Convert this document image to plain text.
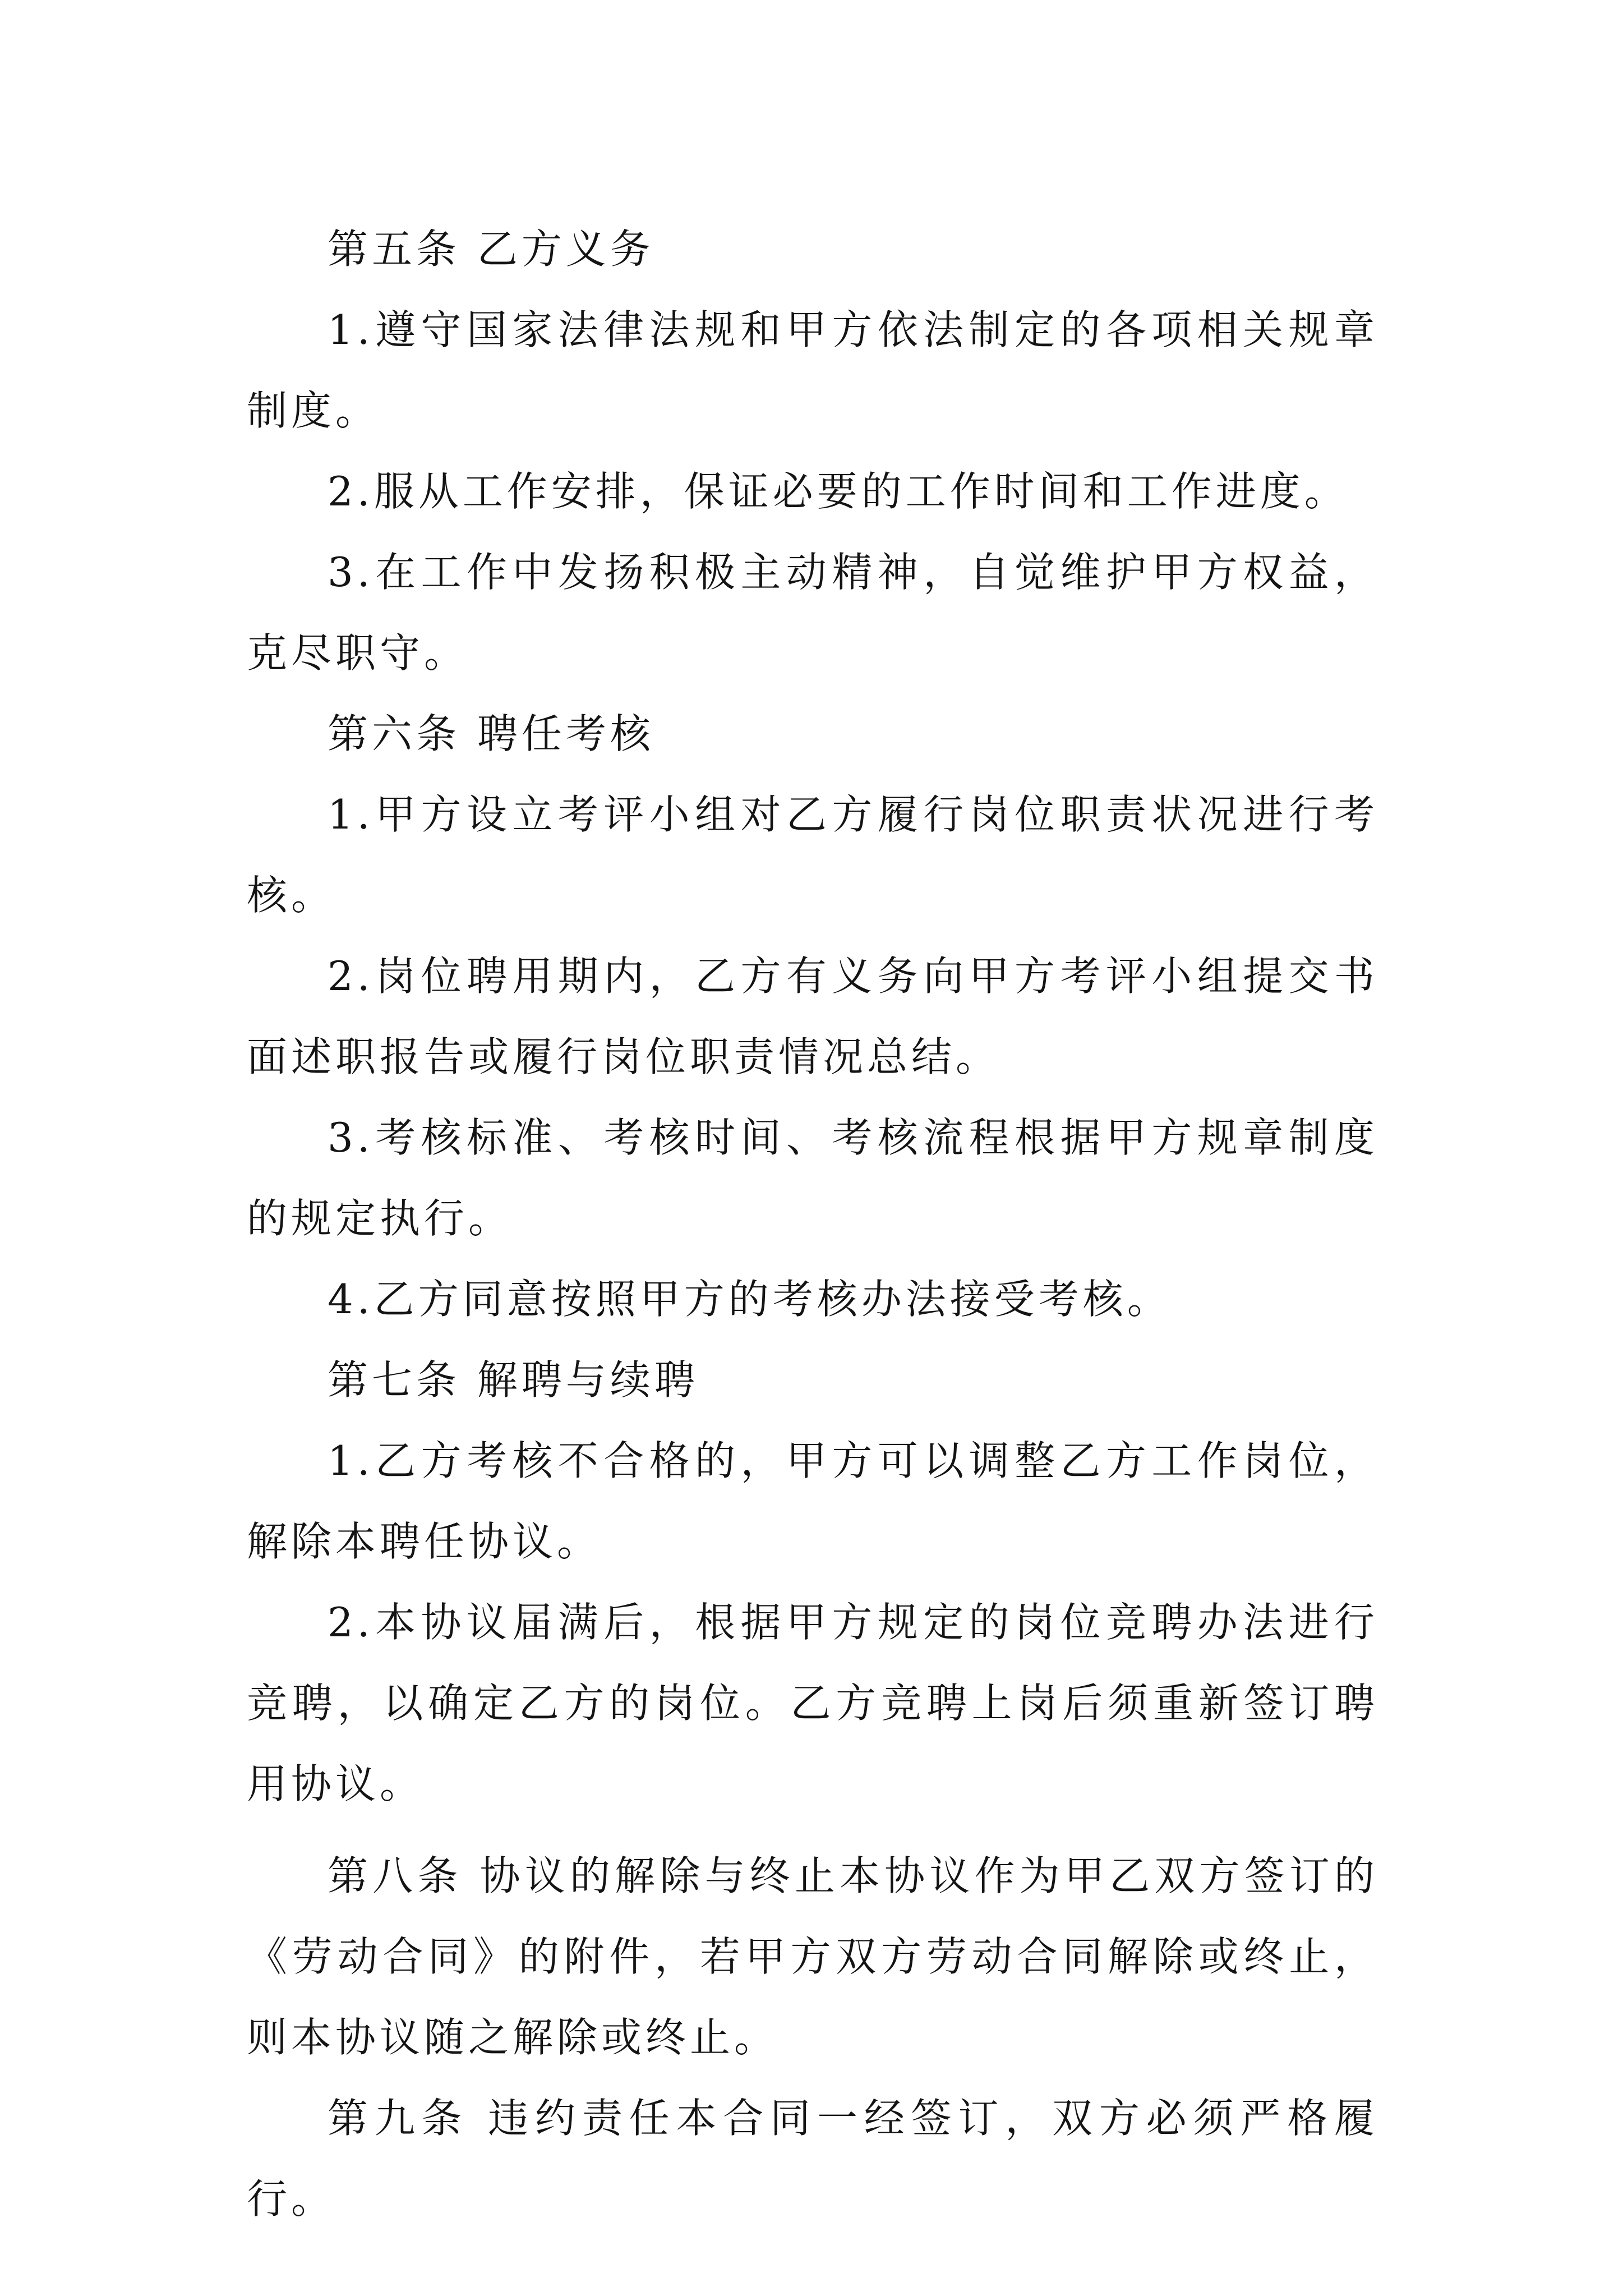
第五条 乙方义务

1.遵守国家法律法规和甲方依法制定的各项相关规章制度。

2.服从工作安排，保证必要的工作时间和工作进度。

3.在工作中发扬积极主动精神，自觉维护甲方权益，克尽职守。

第六条 聘任考核

1.甲方设立考评小组对乙方履行岗位职责状况进行考核。

2.岗位聘用期内，乙方有义务向甲方考评小组提交书面述职报告或履行岗位职责情况总结。

3.考核标准、考核时间、考核流程根据甲方规章制度的规定执行。

4.乙方同意按照甲方的考核办法接受考核。

第七条 解聘与续聘

1.乙方考核不合格的，甲方可以调整乙方工作岗位，解除本聘任协议。

2.本协议届满后，根据甲方规定的岗位竞聘办法进行竞聘，以确定乙方的岗位。乙方竞聘上岗后须重新签订聘用协议。

第八条 协议的解除与终止本协议作为甲乙双方签订的《劳动合同》的附件，若甲方双方劳动合同解除或终止，则本协议随之解除或终止。

第九条 违约责任本合同一经签订，双方必须严格履行。
